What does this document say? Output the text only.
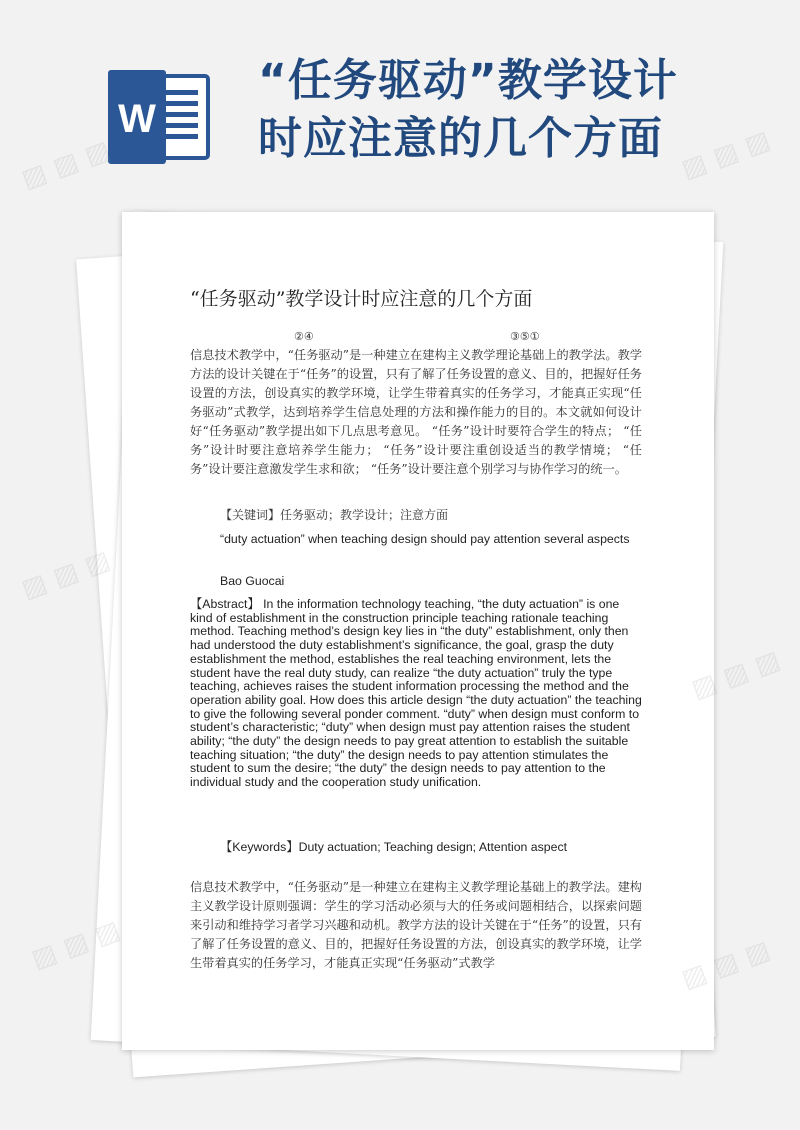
W
“任务驱动”教学设计
时应注意的几个方面
“任务驱动”教学设计时应注意的几个方面
②④	③⑤①
信息技术教学中，“任务驱动”是一种建立在建构主义教学理论基础上的教学法。教学方法的设计关键在于“任务”的设置，只有了解了任务设置的意义、目的，把握好任务设置的方法，创设真实的教学环境，让学生带着真实的任务学习，才能真正实现“任务驱动”式教学，达到培养学生信息处理的方法和操作能力的目的。本文就如何设计好“任务驱动”教学提出如下几点思考意见。 “任务”设计时要符合学生的特点； “任务”设计时要注意培养学生能力； “任务”设计要注重创设适当的教学情境； “任务”设计要注意激发学生求和欲； “任务”设计要注意个别学习与协作学习的统一。
【关键词】任务驱动；教学设计；注意方面
“duty actuation” when teaching design should pay attention several aspects
Bao Guocai
【Abstract】 In the information technology teaching, “the duty actuation” is one kind of establishment in the construction principle teaching rationale teaching method. Teaching method’s design key lies in “the duty” establishment, only then had understood the duty establishment’s significance, the goal, grasp the duty establishment the method, establishes the real teaching environment, lets the student have the real duty study, can realize “the duty actuation” truly the type teaching, achieves raises the student information processing the method and the operation ability goal. How does this article design “the duty actuation” the teaching to give the following several ponder comment. “duty” when design must conform to student’s characteristic; “duty” when design must pay attention raises the student ability; “the duty” the design needs to pay great attention to establish the suitable teaching situation; “the duty” the design needs to pay attention stimulates the student to sum the desire; “the duty” the design needs to pay attention to the individual study and the cooperation study unification.
【Keywords】Duty actuation; Teaching design; Attention aspect
信息技术教学中，“任务驱动”是一种建立在建构主义教学理论基础上的教学法。建构主义教学设计原则强调：学生的学习活动必须与大的任务或问题相结合，以探索问题来引动和维持学习者学习兴趣和动机。教学方法的设计关键在于“任务”的设置，只有了解了任务设置的意义、目的，把握好任务设置的方法，创设真实的教学环境，让学生带着真实的任务学习，才能真正实现“任务驱动”式教学
▨ ▨ ▨	▨ ▨ ▨
▨ ▨ ▨
▨ ▨ ▨
▨ ▨ ▨	▨ ▨ ▨
